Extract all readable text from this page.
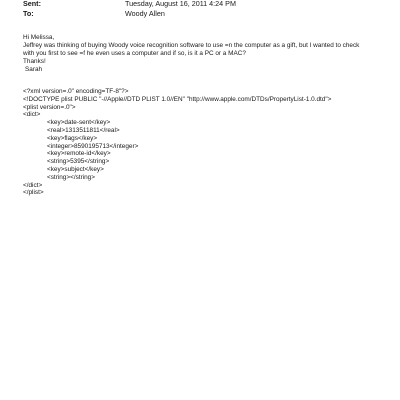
Sent:	Tuesday, August 16, 2011 4:24 PM
To:	Woody Allen
Hi Melissa,
Jeffrey was thinking of buying Woody voice recognition software to use =n the computer as a gift, but I wanted to check
with you first to see =f he even uses a computer and if so, is it a PC or a MAC?
Thanks!
Sarah
<?xml version=.0" encoding=TF-8"?>
<!DOCTYPE plist PUBLIC "-//Apple//DTD PLIST 1.0//EN" "http://www.apple.com/DTDs/PropertyList-1.0.dtd">
<plist version=.0">
<dict>
<key>date-sent</key>
<real>1313511811</real>
<key>flags</key>
<integer>8590195713</integer>
<key>remote-id</key>
<string>5395</string>
<key>subject</key>
<string></string>
</dict>
</plist>
